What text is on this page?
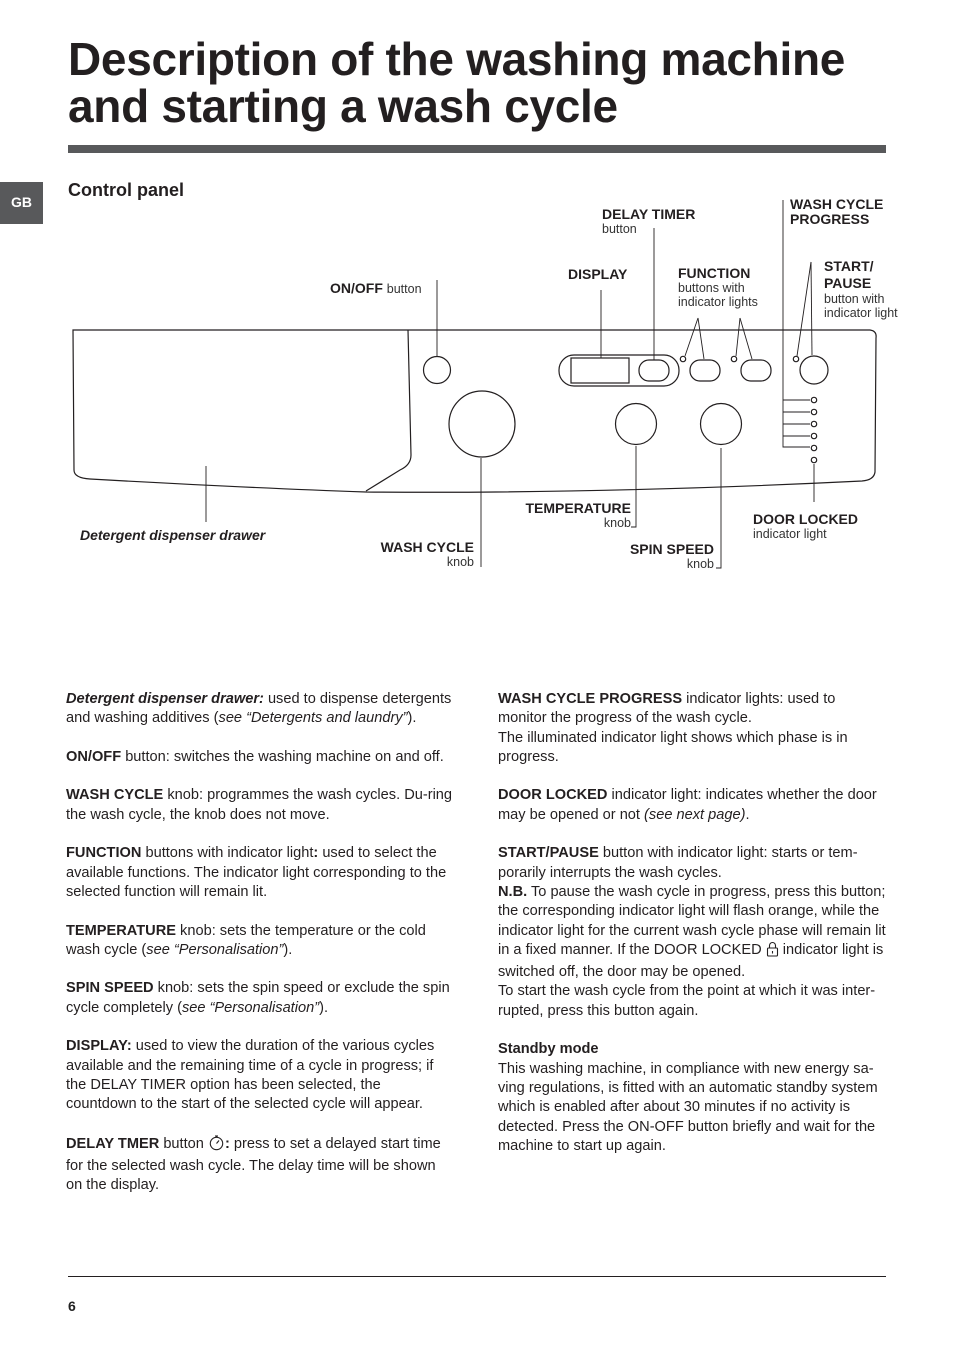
Description of the washing machine and starting a wash cycle
GB
Control panel
DELAY TIMER
button
WASH CYCLE PROGRESS
DISPLAY	FUNCTION
buttons with
indicator lights
START/
PAUSE
button with
indicator light
ON/OFF button
TEMPERATURE
knob	DOOR LOCKED
indicator light
Detergent dispenser drawer
WASH CYCLE
knob
SPIN SPEED
knob

Detergent dispenser drawer: used to dispense detergents and washing additives (see “Detergents and laundry”).

ON/OFF button: switches the washing machine on and off.

WASH CYCLE knob: programmes the wash cycles. Du-ring the wash cycle, the knob does not move.

FUNCTION buttons with indicator light: used to select the available functions. The indicator light corresponding to the selected function will remain lit.

TEMPERATURE knob: sets the temperature or the cold wash cycle (see “Personalisation”).

SPIN SPEED knob: sets the spin speed or exclude the spin cycle completely (see “Personalisation”).

DISPLAY: used to view the duration of the various cycles available and the remaining time of a cycle in progress; if the DELAY TIMER option has been selected, the countdown to the start of the selected cycle will appear.

DELAY TMER button : press to set a delayed start time for the selected wash cycle. The delay time will be shown on the display.

WASH CYCLE PROGRESS indicator lights: used to monitor the progress of the wash cycle.
The illuminated indicator light shows which phase is in progress.

DOOR LOCKED indicator light: indicates whether the door may be opened or not (see next page).

START/PAUSE button with indicator light: starts or tem-porarily interrupts the wash cycles.
N.B. To pause the wash cycle in progress, press this button; the corresponding indicator light will flash orange, while the indicator light for the current wash cycle phase will remain lit in a fixed manner. If the DOOR LOCKED  indicator light is switched off, the door may be opened.
To start the wash cycle from the point at which it was inter-rupted, press this button again.

Standby mode
This washing machine, in compliance with new energy sa-ving regulations, is fitted with an automatic standby system which is enabled after about 30 minutes if no activity is detected. Press the ON-OFF button briefly and wait for the machine to start up again.

6
